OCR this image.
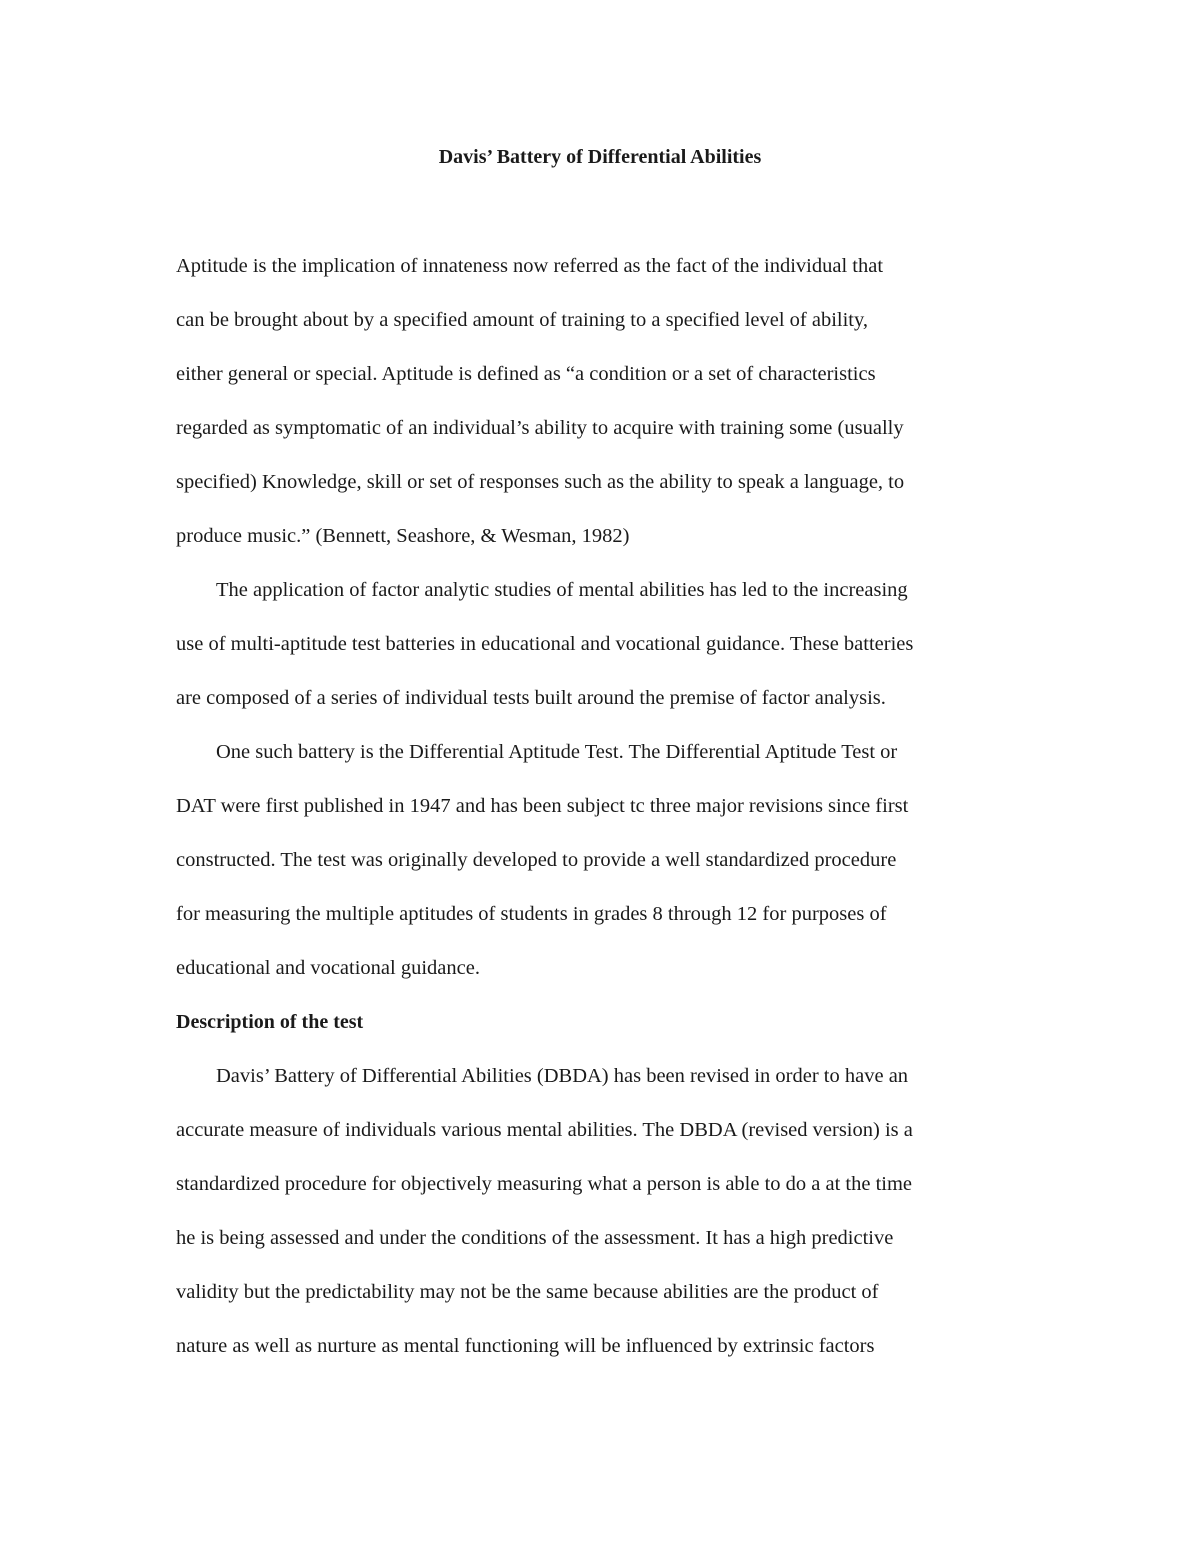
Davis’ Battery of Differential Abilities

Aptitude is the implication of innateness now referred as the fact of the individual that

can be brought about by a specified amount of training to a specified level of ability,

either general or special. Aptitude is defined as “a condition or a set of characteristics

regarded as symptomatic of an individual’s ability to acquire with training some (usually

specified) Knowledge, skill or set of responses such as the ability to speak a language, to

produce music.” (Bennett, Seashore, & Wesman, 1982)

The application of factor analytic studies of mental abilities has led to the increasing

use of multi-aptitude test batteries in educational and vocational guidance. These batteries

are composed of a series of individual tests built around the premise of factor analysis.

One such battery is the Differential Aptitude Test. The Differential Aptitude Test or

DAT were first published in 1947 and has been subject tc three major revisions since first

constructed. The test was originally developed to provide a well standardized procedure

for measuring the multiple aptitudes of students in grades 8 through 12 for purposes of

educational and vocational guidance.

Description of the test

Davis’ Battery of Differential Abilities (DBDA) has been revised in order to have an

accurate measure of individuals various mental abilities. The DBDA (revised version) is a

standardized procedure for objectively measuring what a person is able to do a at the time

he is being assessed and under the conditions of the assessment. It has a high predictive

validity but the predictability may not be the same because abilities are the product of

nature as well as nurture as mental functioning will be influenced by extrinsic factors
